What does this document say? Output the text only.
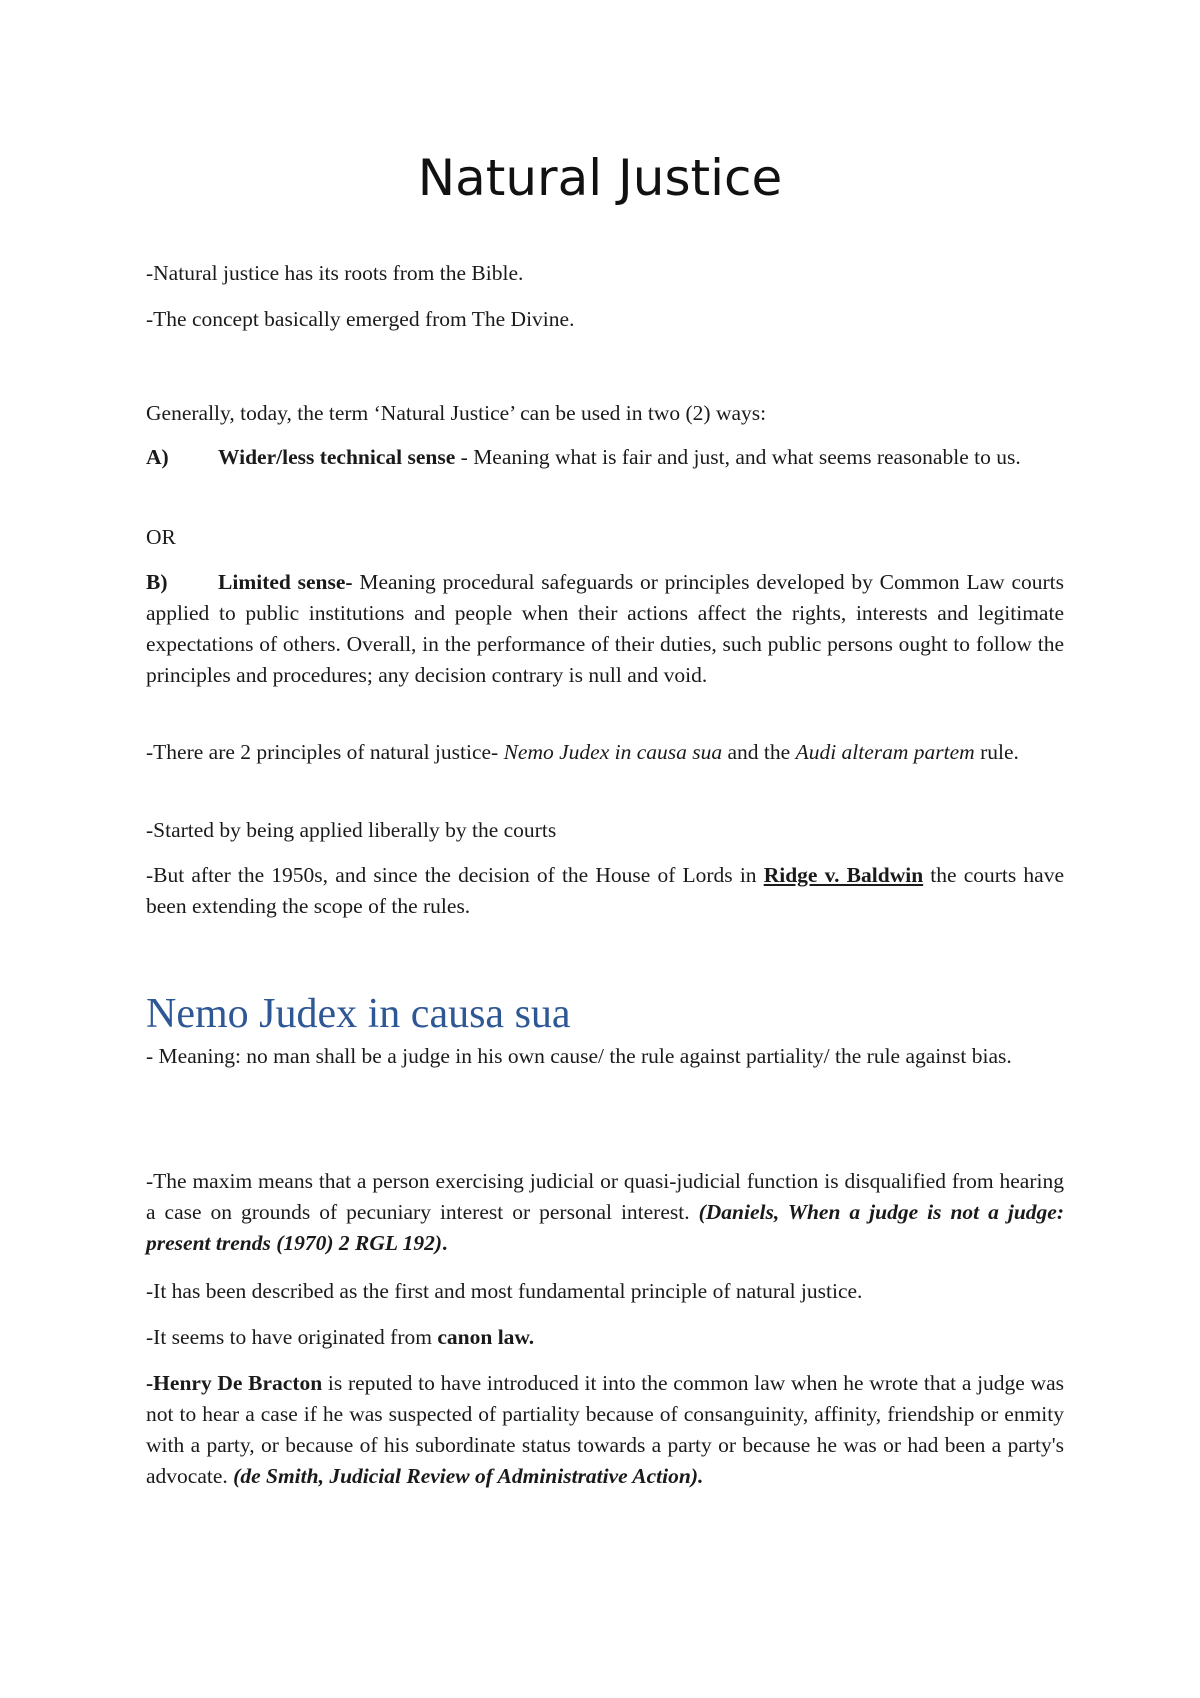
Natural Justice

-Natural justice has its roots from the Bible.

-The concept basically emerged from The Divine.

Generally, today, the term ‘Natural Justice’ can be used in two (2) ways:

A) Wider/less technical sense - Meaning what is fair and just, and what seems reasonable to us.

OR

B) Limited sense- Meaning procedural safeguards or principles developed by Common Law courts applied to public institutions and people when their actions affect the rights, interests and legitimate expectations of others. Overall, in the performance of their duties, such public persons ought to follow the principles and procedures; any decision contrary is null and void.

-There are 2 principles of natural justice- Nemo Judex in causa sua and the Audi alteram partem rule.

-Started by being applied liberally by the courts

-But after the 1950s, and since the decision of the House of Lords in Ridge v. Baldwin the courts have been extending the scope of the rules.

Nemo Judex in causa sua

- Meaning: no man shall be a judge in his own cause/ the rule against partiality/ the rule against bias.

-The maxim means that a person exercising judicial or quasi-judicial function is disqualified from hearing a case on grounds of pecuniary interest or personal interest. (Daniels, When a judge is not a judge: present trends (1970) 2 RGL 192).

-It has been described as the first and most fundamental principle of natural justice.

-It seems to have originated from canon law.

-Henry De Bracton is reputed to have introduced it into the common law when he wrote that a judge was not to hear a case if he was suspected of partiality because of consanguinity, affinity, friendship or enmity with a party, or because of his subordinate status towards a party or because he was or had been a party's advocate. (de Smith, Judicial Review of Administrative Action).
